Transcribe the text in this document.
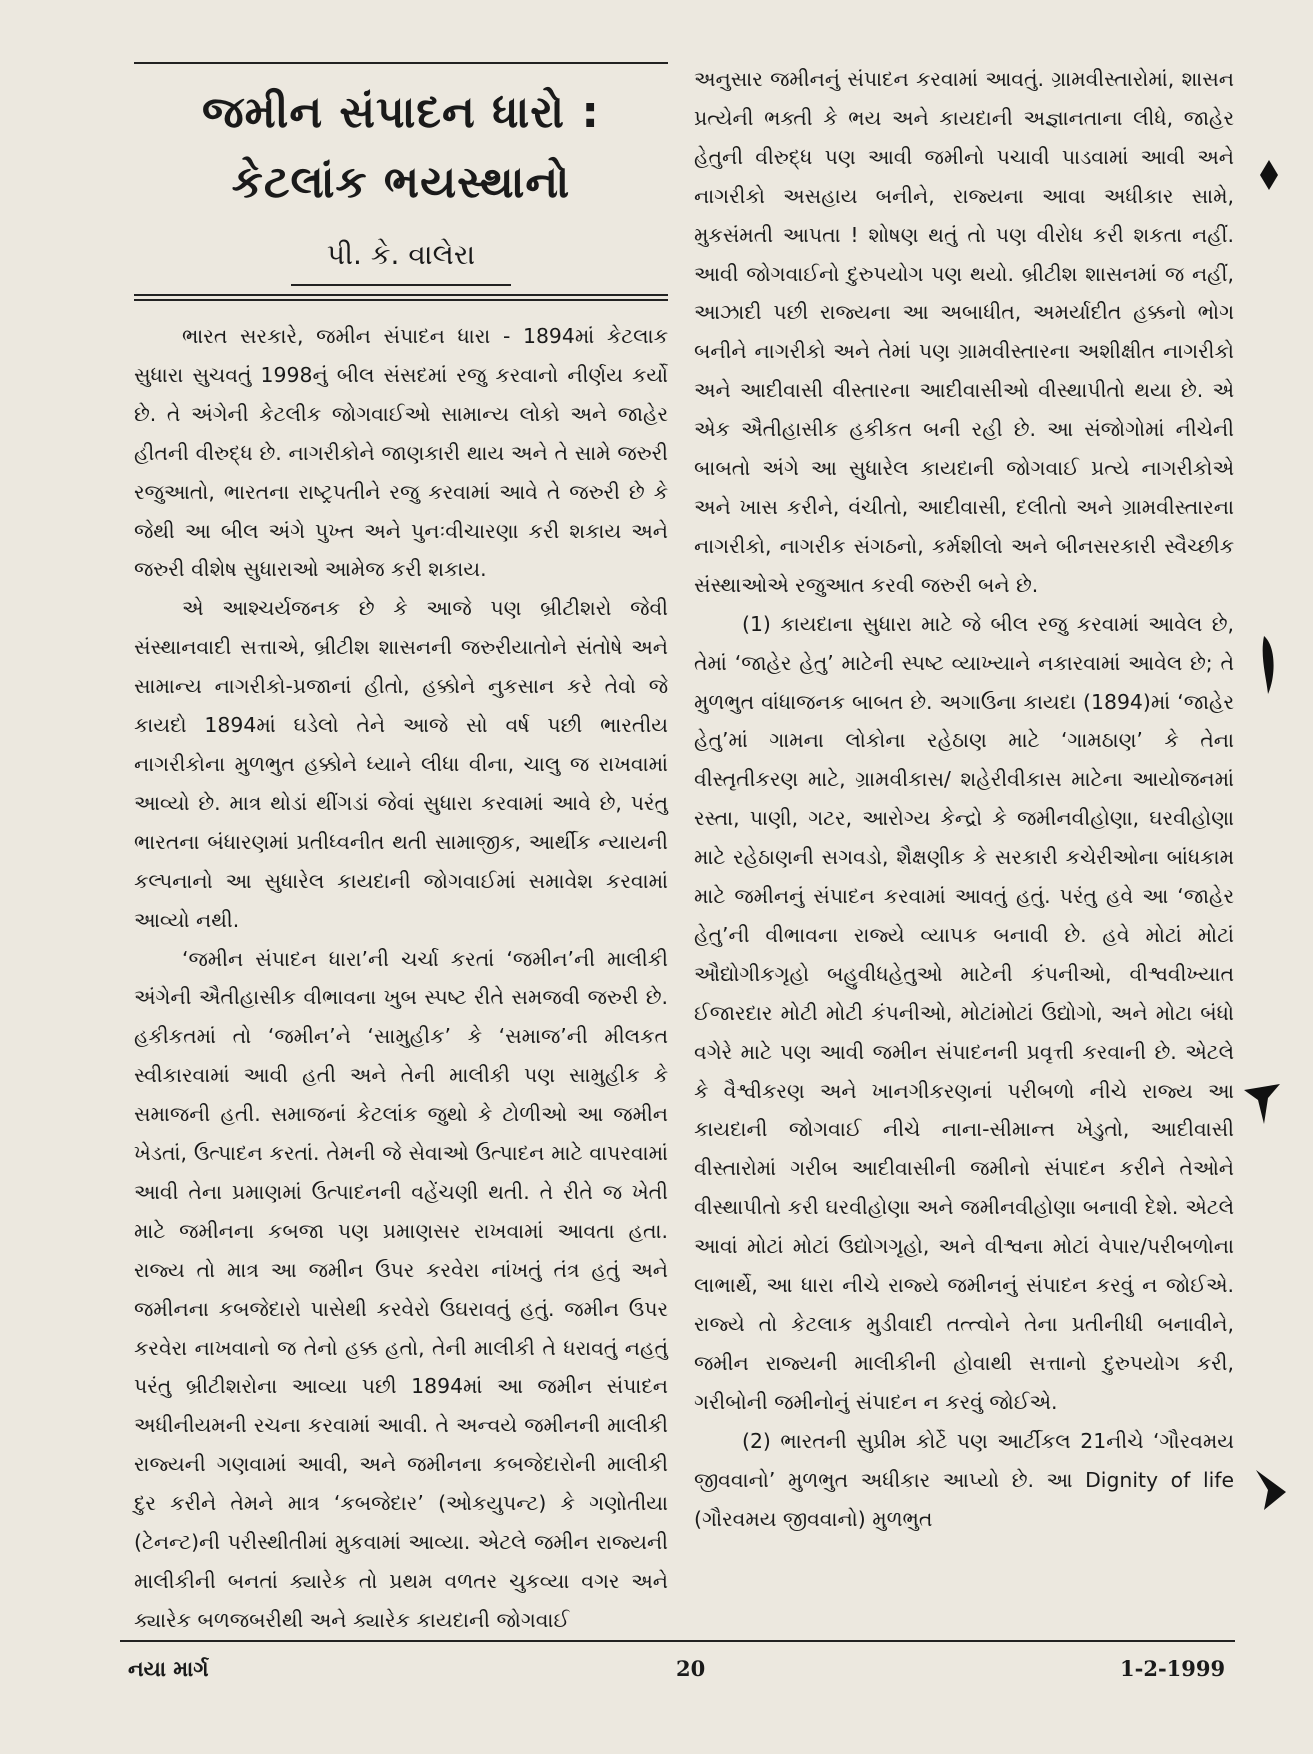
જમીન સંપાદન ધારો :
કેટલાંક ભયસ્થાનો
પી. કે. વાલેરા

ભારત સરકારે, જમીન સંપાદન ધારા - 1894માં કેટલાક સુધારા સુચવતું 1998નું બીલ સંસદમાં રજુ કરવાનો નીર્ણય કર્યો છે. તે અંગેની કેટલીક જોગવાઈઓ સામાન્ય લોકો અને જાહેર હીતની વીરુદ્ધ છે. નાગરીકોને જાણકારી થાય અને તે સામે જરુરી રજુઆતો, ભારતના રાષ્ટ્રપતીને રજુ કરવામાં આવે તે જરુરી છે કે જેથી આ બીલ અંગે પુખ્ત અને પુનઃવીચારણા કરી શકાય અને જરુરી વીશેષ સુધારાઓ આમેજ કરી શકાય.

એ આશ્ચર્યજનક છે કે આજે પણ બ્રીટીશરો જેવી સંસ્થાનવાદી સત્તાએ, બ્રીટીશ શાસનની જરુરીયાતોને સંતોષે અને સામાન્ય નાગરીકો-પ્રજાનાં હીતો, હક્કોને નુકસાન કરે તેવો જે કાયદો 1894માં ઘડેલો તેને આજે સો વર્ષ પછી ભારતીય નાગરીકોના મુળભુત હક્કોને ધ્યાને લીધા વીના, ચાલુ જ રાખવામાં આવ્યો છે. માત્ર થોડાં થીંગડાં જેવાં સુધારા કરવામાં આવે છે, પરંતુ ભારતના બંધારણમાં પ્રતીધ્વનીત થતી સામાજીક, આર્થીક ન્યાયની કલ્પનાનો આ સુધારેલ કાયદાની જોગવાઈમાં સમાવેશ કરવામાં આવ્યો નથી.

‘જમીન સંપાદન ધારા’ની ચર્ચા કરતાં ‘જમીન’ની માલીકી અંગેની ઐતીહાસીક વીભાવના ખુબ સ્પષ્ટ રીતે સમજવી જરુરી છે. હકીકતમાં તો ‘જમીન’ને ‘સામુહીક’ કે ‘સમાજ’ની મીલકત સ્વીકારવામાં આવી હતી અને તેની માલીકી પણ સામુહીક કે સમાજની હતી. સમાજનાં કેટલાંક જુથો કે ટોળીઓ આ જમીન ખેડતાં, ઉત્પાદન કરતાં. તેમની જે સેવાઓ ઉત્પાદન માટે વાપરવામાં આવી તેના પ્રમાણમાં ઉત્પાદનની વહેંચણી થતી. તે રીતે જ ખેતી માટે જમીનના કબજા પણ પ્રમાણસર રાખવામાં આવતા હતા. રાજ્ય તો માત્ર આ જમીન ઉપર કરવેરા નાંખતું તંત્ર હતું અને જમીનના કબજેદારો પાસેથી કરવેરો ઉઘરાવતું હતું. જમીન ઉપર કરવેરા નાખવાનો જ તેનો હક્ક હતો, તેની માલીકી તે ધરાવતું નહતું પરંતુ બ્રીટીશરોના આવ્યા પછી 1894માં આ જમીન સંપાદન અધીનીયમની રચના કરવામાં આવી. તે અન્વયે જમીનની માલીકી રાજ્યની ગણવામાં આવી, અને જમીનના કબજેદારોની માલીકી દુર કરીને તેમને માત્ર ‘કબજેદાર’ (ઓકયુપન્ટ) કે ગણોતીયા (ટેનન્ટ)ની પરીસ્થીતીમાં મુકવામાં આવ્યા. એટલે જમીન રાજ્યની માલીકીની બનતાં ક્યારેક તો પ્રથમ વળતર ચુકવ્યા વગર અને ક્યારેક બળજબરીથી અને ક્યારેક કાયદાની જોગવાઈ

અનુસાર જમીનનું સંપાદન કરવામાં આવતું. ગ્રામવીસ્તારોમાં, શાસન પ્રત્યેની ભક્તી કે ભય અને કાયદાની અજ્ઞાનતાના લીધે, જાહેર હેતુની વીરુદ્ધ પણ આવી જમીનો પચાવી પાડવામાં આવી અને નાગરીકો અસહાય બનીને, રાજ્યના આવા અધીકાર સામે, મુકસંમતી આપતા ! શોષણ થતું તો પણ વીરોધ કરી શકતા નહીં. આવી જોગવાઈનો દુરુપયોગ પણ થયો. બ્રીટીશ શાસનમાં જ નહીં, આઝાદી પછી રાજ્યના આ અબાધીત, અમર્યાદીત હક્કનો ભોગ બનીને નાગરીકો અને તેમાં પણ ગ્રામવીસ્તારના અશીક્ષીત નાગરીકો અને આદીવાસી વીસ્તારના આદીવાસીઓ વીસ્થાપીતો થયા છે. એ એક ઐતીહાસીક હકીકત બની રહી છે. આ સંજોગોમાં નીચેની બાબતો અંગે આ સુધારેલ કાયદાની જોગવાઈ પ્રત્યે નાગરીકોએ અને ખાસ કરીને, વંચીતો, આદીવાસી, દલીતો અને ગ્રામવીસ્તારના નાગરીકો, નાગરીક સંગઠનો, કર્મશીલો અને બીનસરકારી સ્વૈચ્છીક સંસ્થાઓએ રજુઆત કરવી જરુરી બને છે.

(1) કાયદાના સુધારા માટે જે બીલ રજુ કરવામાં આવેલ છે, તેમાં ‘જાહેર હેતુ’ માટેની સ્પષ્ટ વ્યાખ્યાને નકારવામાં આવેલ છે; તે મુળભુત વાંધાજનક બાબત છે. અગાઉના કાયદા (1894)માં ‘જાહેર હેતુ’માં ગામના લોકોના રહેઠાણ માટે ‘ગામઠાણ’ કે તેના વીસ્તૃતીકરણ માટે, ગ્રામવીકાસ/ શહેરીવીકાસ માટેના આયોજનમાં રસ્તા, પાણી, ગટર, આરોગ્ય કેન્દ્રો કે જમીનવીહોણા, ઘરવીહોણા માટે રહેઠાણની સગવડો, શૈક્ષણીક કે સરકારી કચેરીઓના બાંધકામ માટે જમીનનું સંપાદન કરવામાં આવતું હતું. પરંતુ હવે આ ‘જાહેર હેતુ’ની વીભાવના રાજ્યે વ્યાપક બનાવી છે. હવે મોટાં મોટાં ઔદ્યોગીકગૃહો બહુવીધહેતુઓ માટેની કંપનીઓ, વીશ્વવીખ્યાત ઈજારદાર મોટી મોટી કંપનીઓ, મોટાંમોટાં ઉદ્યોગો, અને મોટા બંધો વગેરે માટે પણ આવી જમીન સંપાદનની પ્રવૃત્તી કરવાની છે. એટલે કે વૈશ્વીકરણ અને ખાનગીકરણનાં પરીબળો નીચે રાજ્ય આ કાયદાની જોગવાઈ નીચે નાના-સીમાન્ત ખેડુતો, આદીવાસી વીસ્તારોમાં ગરીબ આદીવાસીની જમીનો સંપાદન કરીને તેઓને વીસ્થાપીતો કરી ઘરવીહોણા અને જમીનવીહોણા બનાવી દેશે. એટલે આવાં મોટાં મોટાં ઉદ્યોગગૃહો, અને વીશ્વના મોટાં વેપાર/પરીબળોના લાભાર્થે, આ ધારા નીચે રાજ્યે જમીનનું સંપાદન કરવું ન જોઈએ. રાજ્યે તો કેટલાક મુડીવાદી તત્ત્વોને તેના પ્રતીનીધી બનાવીને, જમીન રાજ્યની માલીકીની હોવાથી સત્તાનો દુરુપયોગ કરી, ગરીબોની જમીનોનું સંપાદન ન કરવું જોઈએ.

(2) ભારતની સુપ્રીમ કોર્ટે પણ આર્ટીકલ 21નીચે ‘ગૌરવમય જીવવાનો’ મુળભુત અધીકાર આપ્યો છે. આ Dignity of life (ગૌરવમય જીવવાનો) મુળભુત

નયા માર્ગ	20	1-2-1999
